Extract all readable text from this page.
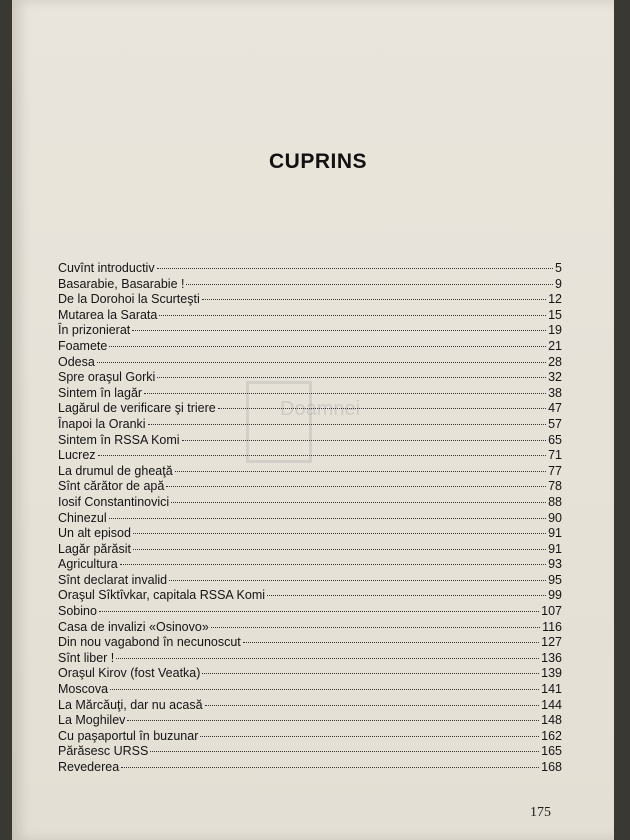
Doamnei
CUPRINS
Cuvînt introductiv	5
Basarabie, Basarabie !	9
De la Dorohoi la Scurteşti	12
Mutarea la Sarata	15
În prizonierat	19
Foamete	21
Odesa	28
Spre oraşul Gorki	32
Sintem în lagăr	38
Lagărul de verificare şi triere	47
Înapoi la Oranki	57
Sintem în RSSA Komi	65
Lucrez	71
La drumul de gheaţă	77
Sînt cărător de apă	78
Iosif Constantinovici	88
Chinezul	90
Un alt episod	91
Lagăr părăsit	91
Agricultura	93
Sînt declarat invalid	95
Oraşul Sîktîvkar, capitala RSSA Komi	99
Sobino	107
Casa de invalizi «Osinovo»	116
Din nou vagabond în necunoscut	127
Sînt liber !	136
Oraşul Kirov (fost Veatka)	139
Moscova	141
La Mărcăuţi, dar nu acasă	144
La Moghilev	148
Cu paşaportul în buzunar	162
Părăsesc URSS	165
Revederea	168
175
